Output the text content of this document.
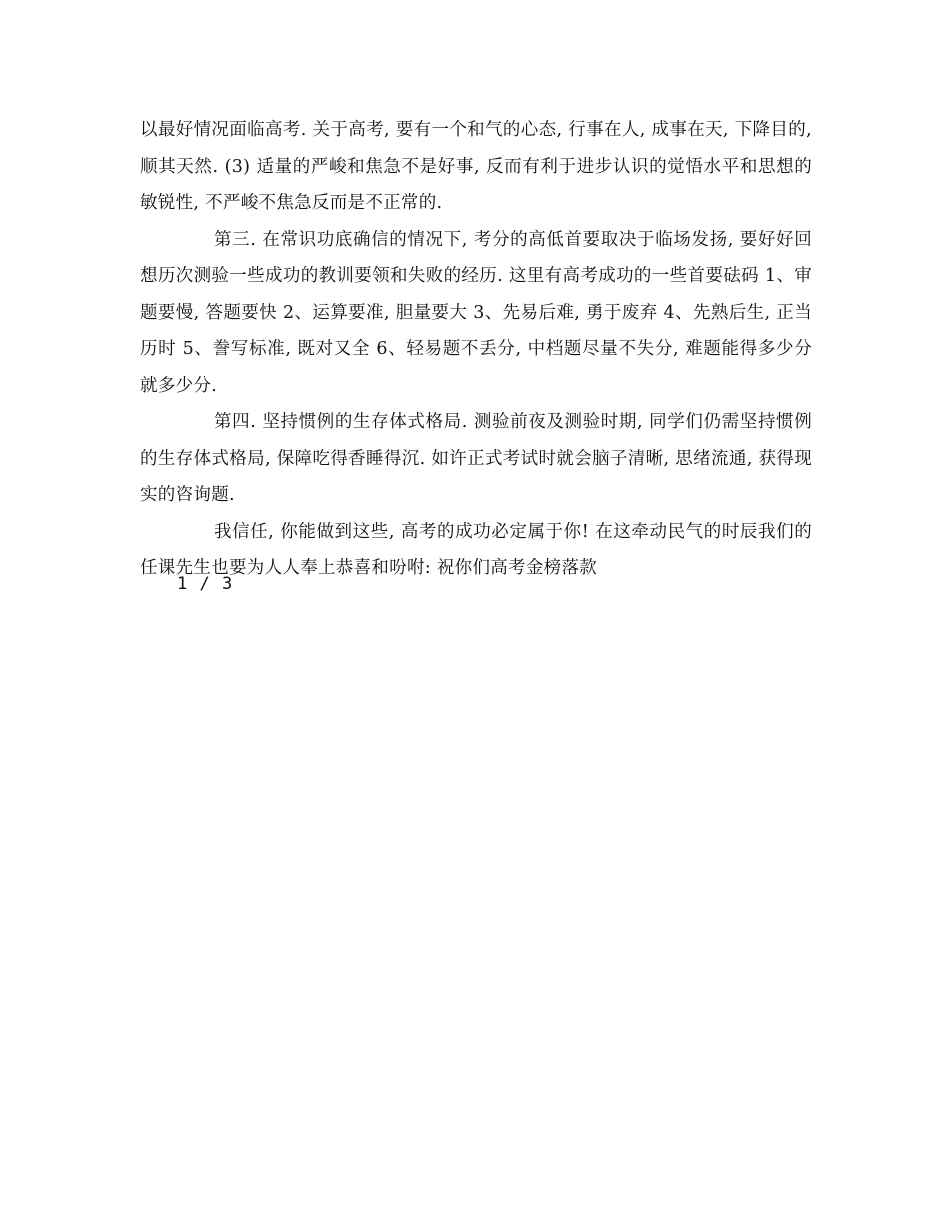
以最好情况面临高考. 关于高考, 要有一个和气的心态, 行事在人, 成事在天, 下降目的, 顺其天然. (3) 适量的严峻和焦急不是好事, 反而有利于进步认识的觉悟水平和思想的敏锐性, 不严峻不焦急反而是不正常的.

第三. 在常识功底确信的情况下, 考分的高低首要取决于临场发扬, 要好好回想历次测验一些成功的教训要领和失败的经历. 这里有高考成功的一些首要砝码 1、审题要慢, 答题要快 2、运算要准, 胆量要大 3、先易后难, 勇于废弃 4、先熟后生, 正当历时 5、誊写标准, 既对又全 6、轻易题不丢分, 中档题尽量不失分, 难题能得多少分就多少分.

第四. 坚持惯例的生存体式格局. 测验前夜及测验时期, 同学们仍需坚持惯例的生存体式格局, 保障吃得香睡得沉. 如许正式考试时就会脑子清晰, 思绪流通, 获得现实的咨询题.

我信任, 你能做到这些, 高考的成功必定属于你! 在这牵动民气的时辰我们的任课先生也要为人人奉上恭喜和吩咐: 祝你们高考金榜落款

1 / 3
